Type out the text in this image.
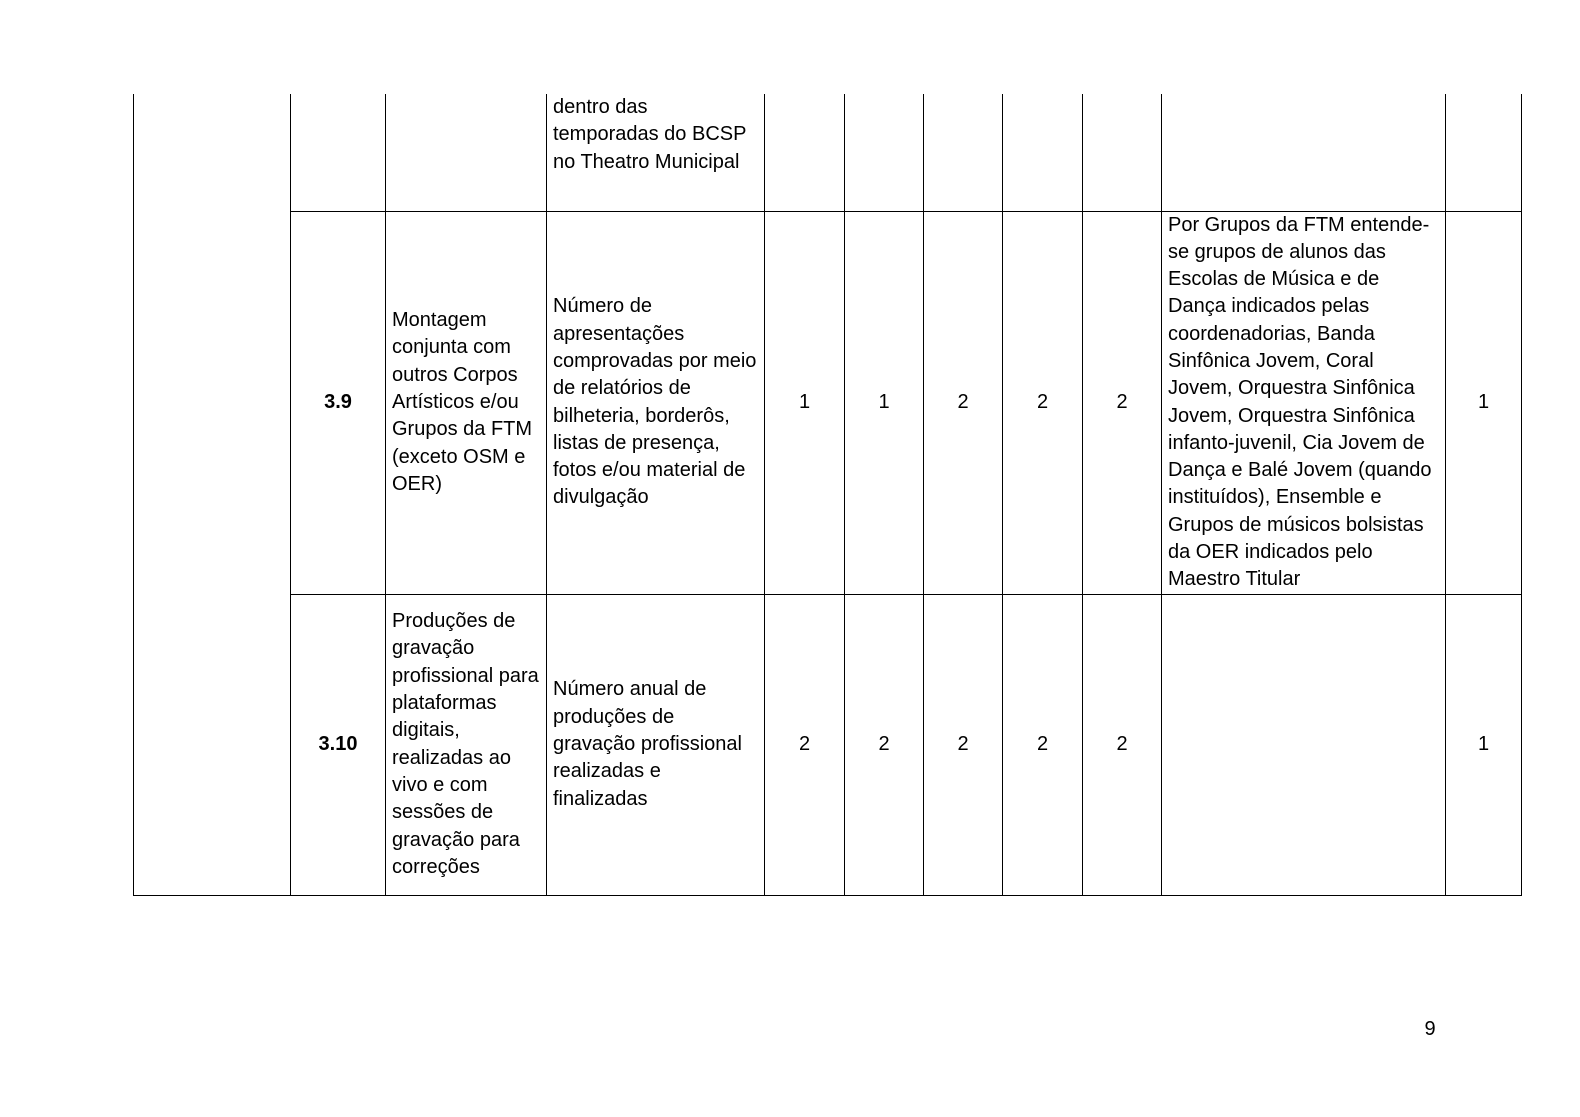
			dentro das temporadas do BCSP no Theatro Municipal							
	3.9	Montagem conjunta com outros Corpos Artísticos e/ou Grupos da FTM (exceto OSM e OER)	Número de apresentações comprovadas por meio de relatórios de bilheteria, borderôs, listas de presença, fotos e/ou material de divulgação	1	1	2	2	2	Por Grupos da FTM entende-se grupos de alunos das Escolas de Música e de Dança indicados pelas coordenadorias, Banda Sinfônica Jovem, Coral Jovem, Orquestra Sinfônica Jovem, Orquestra Sinfônica infanto-juvenil, Cia Jovem de Dança e Balé Jovem (quando instituídos), Ensemble e Grupos de músicos bolsistas da OER indicados pelo Maestro Titular	1
	3.10	Produções de gravação profissional para plataformas digitais, realizadas ao vivo e com sessões de gravação para correções	Número anual de produções de gravação profissional realizadas e finalizadas	2	2	2	2	2		1
9
